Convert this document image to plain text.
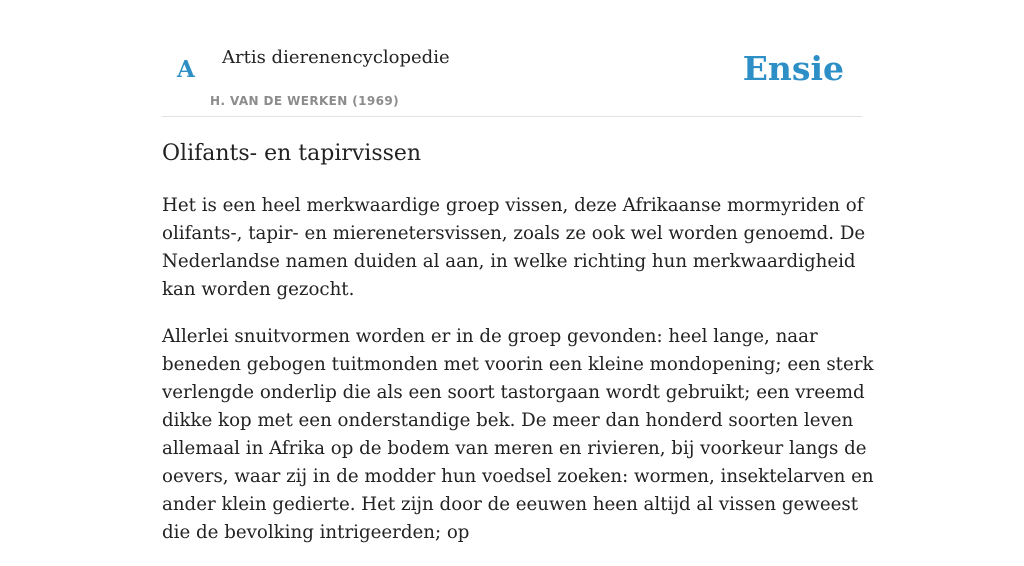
A Artis dierenencyclopedie
H. VAN DE WERKEN (1969)
Ensie
Olifants- en tapirvissen

Het is een heel merkwaardige groep vissen, deze Afrikaanse mormyriden of olifants-, tapir- en mierenetersvissen, zoals ze ook wel worden genoemd. De Nederlandse namen duiden al aan, in welke richting hun merkwaardigheid kan worden gezocht.

Allerlei snuitvormen worden er in de groep gevonden: heel lange, naar beneden gebogen tuitmonden met voorin een kleine mondopening; een sterk verlengde onderlip die als een soort tastorgaan wordt gebruikt; een vreemd dikke kop met een onderstandige bek. De meer dan honderd soorten leven allemaal in Afrika op de bodem van meren en rivieren, bij voorkeur langs de oevers, waar zij in de modder hun voedsel zoeken: wormen, insektelarven en ander klein gedierte. Het zijn door de eeuwen heen altijd al vissen geweest die de bevolking intrigeerden; op
